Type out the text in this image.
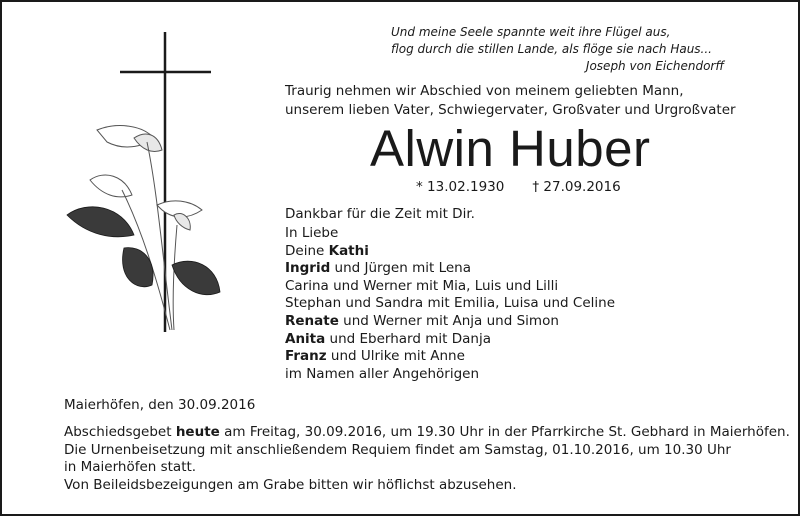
Und meine Seele spannte weit ihre Flügel aus,
flog durch die stillen Lande, als flöge sie nach Haus...
Joseph von Eichendorff
Traurig nehmen wir Abschied von meinem geliebten Mann,
unserem lieben Vater, Schwiegervater, Großvater und Urgroßvater
Alwin Huber
* 13.02.1930 † 27.09.2016
Dankbar für die Zeit mit Dir.
In Liebe
Deine Kathi
Ingrid und Jürgen mit Lena
Carina und Werner mit Mia, Luis und Lilli
Stephan und Sandra mit Emilia, Luisa und Celine
Renate und Werner mit Anja und Simon
Anita und Eberhard mit Danja
Franz und Ulrike mit Anne
im Namen aller Angehörigen
Maierhöfen, den 30.09.2016
Abschiedsgebet heute am Freitag, 30.09.2016, um 19.30 Uhr in der Pfarrkirche St. Gebhard in Maierhöfen.
Die Urnenbeisetzung mit anschließendem Requiem findet am Samstag, 01.10.2016, um 10.30 Uhr
in Maierhöfen statt.
Von Beileidsbezeigungen am Grabe bitten wir höflichst abzusehen.
